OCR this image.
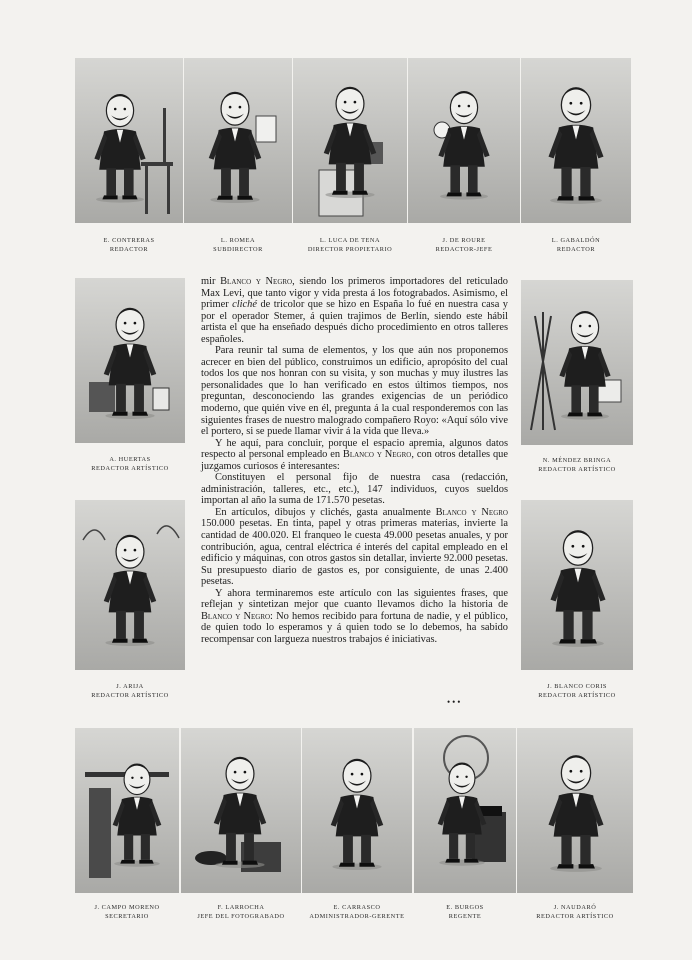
E. CONTRERAS
REDACTOR
L. ROMEA
SUBDIRECTOR
L. LUCA DE TENA
DIRECTOR PROPIETARIO
J. DE ROURE
REDACTOR-JEFE
L. GABALDÓN
REDACTOR
A. HUERTAS
REDACTOR ARTÍSTICO
N. MÉNDEZ BRINGA
REDACTOR ARTÍSTICO
J. ARIJA
REDACTOR ARTÍSTICO
J. BLANCO CORIS
REDACTOR ARTÍSTICO

mir Blanco y Negro, siendo los primeros importadores del reticulado Max Levi, que tanto vigor y vida presta á los fotograbados. Asimismo, el primer cliché de tricolor que se hizo en España lo fué en nuestra casa y por el operador Stemer, á quien trajimos de Berlín, siendo este hábil artista el que ha enseñado después dicho procedimiento en otros talleres españoles.

Para reunir tal suma de elementos, y los que aún nos proponemos acrecer en bien del público, construimos un edificio, apropósito del cual todos los que nos honran con su visita, y son muchas y muy ilustres las personalidades que lo han verificado en estos últimos tiempos, nos preguntan, desconociendo las grandes exigencias de un periódico moderno, que quién vive en él, pregunta á la cual responderemos con las siguientes frases de nuestro malogrado compañero Royo: «Aquí sólo vive el portero, si se puede llamar vivir á la vida que lleva.»

Y he aquí, para concluir, porque el espacio apremia, algunos datos respecto al personal empleado en Blanco y Negro, con otros detalles que juzgamos curiosos é interesantes:

Constituyen el personal fijo de nuestra casa (redacción, administración, talleres, etc., etc.), 147 individuos, cuyos sueldos importan al año la suma de 171.570 pesetas.

En artículos, dibujos y clichés, gasta anualmente Blanco y Negro 150.000 pesetas. En tinta, papel y otras primeras materias, invierte la cantidad de 400.020. El franqueo le cuesta 49.000 pesetas anuales, y por contribución, agua, central eléctrica é interés del capital empleado en el edificio y máquinas, con otros gastos sin detallar, invierte 92.000 pesetas. Su presupuesto diario de gastos es, por consiguiente, de unas 2.400 pesetas.

Y ahora terminaremos este artículo con las siguientes frases, que reflejan y sintetizan mejor que cuanto llevamos dicho la historia de Blanco y Negro: No hemos recibido para fortuna de nadie, y el público, de quien todo lo esperamos y á quien todo se lo debemos, ha sabido recompensar con largueza nuestros trabajos é iniciativas.

•••
J. CAMPO MORENO
SECRETARIO
F. LARROCHA
JEFE DEL FOTOGRABADO
E. CARRASCO
ADMINISTRADOR-GERENTE
E. BURGOS
REGENTE
J. NAUDARÓ
REDACTOR ARTÍSTICO
